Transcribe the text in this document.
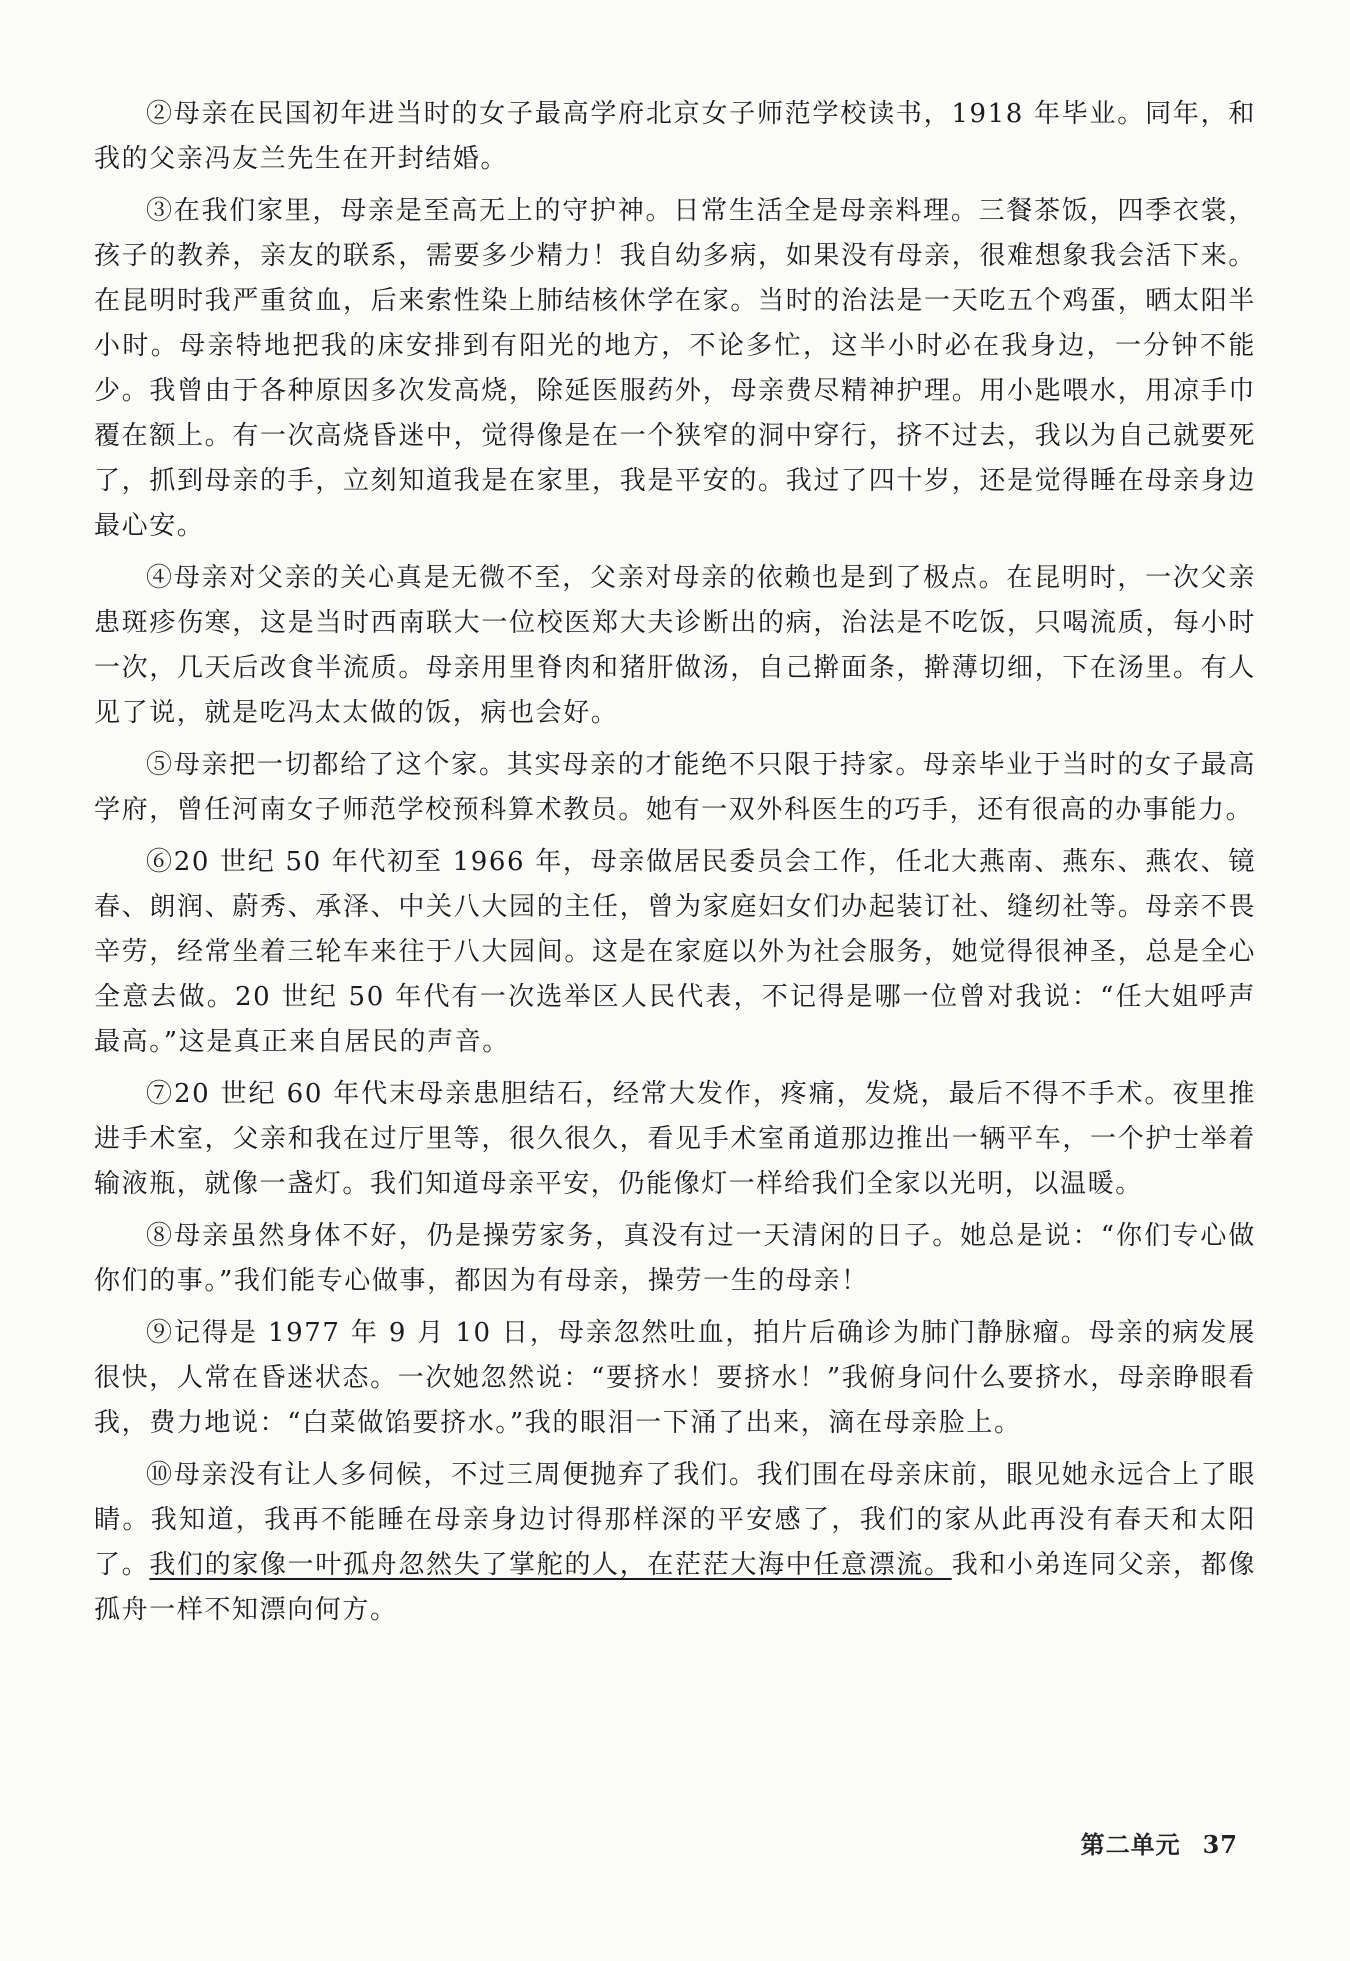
②母亲在民国初年进当时的女子最高学府北京女子师范学校读书，1918 年毕业。同年，和我的父亲冯友兰先生在开封结婚。

③在我们家里，母亲是至高无上的守护神。日常生活全是母亲料理。三餐茶饭，四季衣裳，孩子的教养，亲友的联系，需要多少精力！我自幼多病，如果没有母亲，很难想象我会活下来。在昆明时我严重贫血，后来索性染上肺结核休学在家。当时的治法是一天吃五个鸡蛋，晒太阳半小时。母亲特地把我的床安排到有阳光的地方，不论多忙，这半小时必在我身边，一分钟不能少。我曾由于各种原因多次发高烧，除延医服药外，母亲费尽精神护理。用小匙喂水，用凉手巾覆在额上。有一次高烧昏迷中，觉得像是在一个狭窄的洞中穿行，挤不过去，我以为自己就要死了，抓到母亲的手，立刻知道我是在家里，我是平安的。我过了四十岁，还是觉得睡在母亲身边最心安。

④母亲对父亲的关心真是无微不至，父亲对母亲的依赖也是到了极点。在昆明时，一次父亲患斑疹伤寒，这是当时西南联大一位校医郑大夫诊断出的病，治法是不吃饭，只喝流质，每小时一次，几天后改食半流质。母亲用里脊肉和猪肝做汤，自己擀面条，擀薄切细，下在汤里。有人见了说，就是吃冯太太做的饭，病也会好。

⑤母亲把一切都给了这个家。其实母亲的才能绝不只限于持家。母亲毕业于当时的女子最高学府，曾任河南女子师范学校预科算术教员。她有一双外科医生的巧手，还有很高的办事能力。

⑥20 世纪 50 年代初至 1966 年，母亲做居民委员会工作，任北大燕南、燕东、燕农、镜春、朗润、蔚秀、承泽、中关八大园的主任，曾为家庭妇女们办起装订社、缝纫社等。母亲不畏辛劳，经常坐着三轮车来往于八大园间。这是在家庭以外为社会服务，她觉得很神圣，总是全心全意去做。20 世纪 50 年代有一次选举区人民代表，不记得是哪一位曾对我说：“任大姐呼声最高。”这是真正来自居民的声音。

⑦20 世纪 60 年代末母亲患胆结石，经常大发作，疼痛，发烧，最后不得不手术。夜里推进手术室，父亲和我在过厅里等，很久很久，看见手术室甬道那边推出一辆平车，一个护士举着输液瓶，就像一盏灯。我们知道母亲平安，仍能像灯一样给我们全家以光明，以温暖。

⑧母亲虽然身体不好，仍是操劳家务，真没有过一天清闲的日子。她总是说：“你们专心做你们的事。”我们能专心做事，都因为有母亲，操劳一生的母亲！

⑨记得是 1977 年 9 月 10 日，母亲忽然吐血，拍片后确诊为肺门静脉瘤。母亲的病发展很快，人常在昏迷状态。一次她忽然说：“要挤水！要挤水！”我俯身问什么要挤水，母亲睁眼看我，费力地说：“白菜做馅要挤水。”我的眼泪一下涌了出来，滴在母亲脸上。

⑩母亲没有让人多伺候，不过三周便抛弃了我们。我们围在母亲床前，眼见她永远合上了眼睛。我知道，我再不能睡在母亲身边讨得那样深的平安感了，我们的家从此再没有春天和太阳了。我们的家像一叶孤舟忽然失了掌舵的人，在茫茫大海中任意漂流。我和小弟连同父亲，都像孤舟一样不知漂向何方。

第二单元 37
